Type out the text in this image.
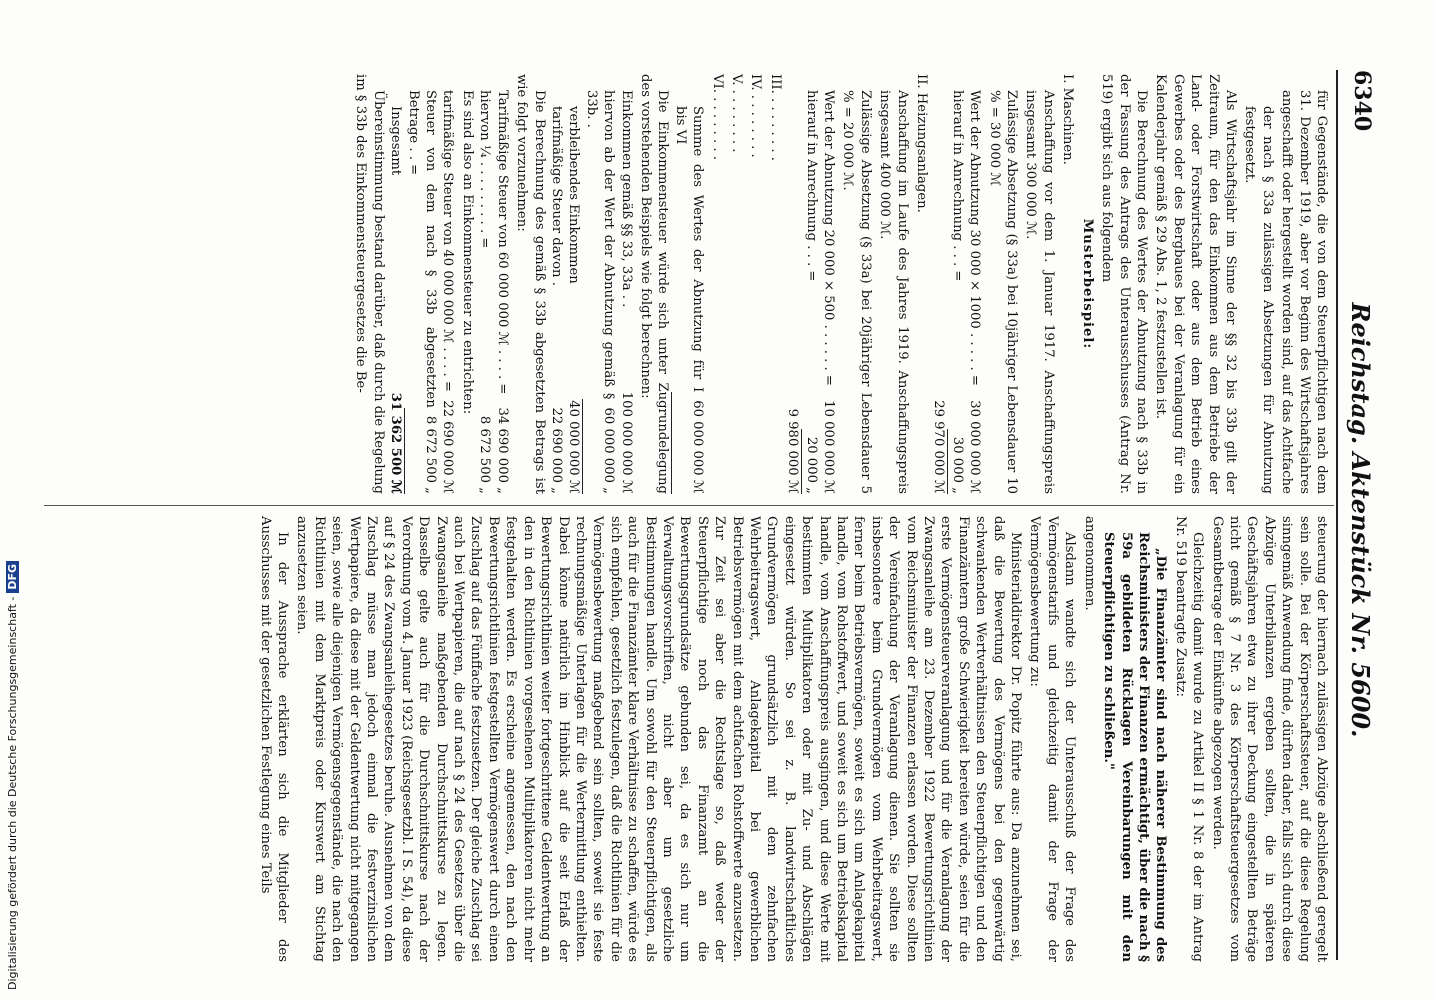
6340
Reichstag. Aktenstück Nr. 5600.

für Gegenstände, die von dem Steuerpflichtigen nach dem 31. Dezember 1919, aber vor Beginn des Wirtschaftsjahres angeschafft oder hergestellt worden sind, auf das Achtfache

der nach § 33a zulässigen Absetzungen für Abnutzung festgesetzt.

Als Wirtschaftsjahr im Sinne der §§ 32 bis 33b gilt der Zeitraum, für den das Einkommen aus dem Betriebe der Land- oder Forstwirtschaft oder aus dem Betrieb eines Gewerbes oder des Bergbaues bei der Veranlagung für ein Kalenderjahr gemäß § 29 Abs. 1, 2 festzustellen ist.

Die Berechnung des Wertes der Abnutzung nach § 33b in der Fassung des Antrags des Unterausschusses (Antrag Nr. 519) ergibt sich aus folgendem

Musterbeispiel:

I. Maschinen.

Anschaffung vor dem 1. Januar 1917. Anschaffungspreis insgesamt 300 000 ℳ.

Zulässige Absetzung (§ 33a) bei 10jähriger Lebensdauer 10 % = 30 000 ℳ

Wert der Abnutzung 30 000 × 1000 . . . . . =
30 000 000 ℳ
hierauf in Anrechnung . . . =
30 000 „
29 970 000 ℳ

II. Heizungsanlagen.

Anschaffung im Laufe des Jahres 1919. Anschaffungspreis insgesamt 400 000 ℳ.

Zulässige Absetzung (§ 33a) bei 20jähriger Lebensdauer 5 % = 20 000 ℳ.

Wert der Abnutzung 20 000 × 500 . . . . . . =
10 000 000 ℳ
hierauf in Anrechnung . . . =
20 000 „
9 980 000 ℳ

III. . . . . . . . .

IV. . . . . . . . .

V. . . . . . . . .

VI. . . . . . . . .

Summe des Wertes der Abnutzung für I bis VI
60 000 000 ℳ

Die Einkommensteuer würde sich unter Zugrundelegung des vorstehenden Beispiels wie folgt berechnen:

Einkommen gemäß §§ 33, 33a . .
100 000 000 ℳ
hiervon ab der Wert der Abnutzung gemäß § 33b. .
60 000 000 „
verbleibendes Einkommen
40 000 000 ℳ
tarifmäßige Steuer davon .
22 690 000 „

Die Berechnung des gemäß § 33b abgesetzten Betrags ist wie folgt vorzunehmen:

Tarifmäßige Steuer von 60 000 000 ℳ . . . . =
34 690 000 „
hiervon ¼ . . . . . . . . . =
8 672 500 „

Es sind also an Einkommensteuer zu entrichten:

tarifmäßige Steuer von 40 000 000 ℳ . . . . =
22 690 000 ℳ
Steuer von dem nach § 33b abgesetzten Betrage . . =
8 672 500 „
Insgesamt
31 362 500 ℳ

Übereinstimmung bestand darüber, daß durch die Regelung im § 33b des Einkommensteuergesetzes die Be-

steuerung der hiernach zulässigen Abzüge abschließend geregelt sein solle. Bei der Körperschaftssteuer, auf die diese Regelung sinngemäß Anwendung finde, dürften daher, falls sich durch diese Abzüge Unterbilanzen ergeben sollten, die in späteren Geschäftsjahren etwa zu ihrer Deckung eingestellten Beträge nicht gemäß § 7 Nr. 3 des Körperschaftsteuergesetzes vom Gesamtbetrage der Einkünfte abgezogen werden.

Gleichzeitig damit wurde zu Artikel II § 1 Nr. 8 der im Antrag Nr. 519 beantragte Zusatz:

„Die Finanzämter sind nach näherer Bestimmung des Reichsministers der Finanzen ermächtigt, über die nach § 59a gebildeten Rücklagen Vereinbarungen mit den Steuerpflichtigen zu schließen."

angenommen.

Alsdann wandte sich der Unterausschuß der Frage des Vermögenstarifs und gleichzeitig damit der Frage der Vermögensbewertung zu:

Ministerialdirektor Dr. Popitz führte aus: Da anzunehmen sei, daß die Bewertung des Vermögens bei den gegenwärtig schwankenden Wertverhältnissen den Steuerpflichtigen und den Finanzämtern große Schwierigkeit bereiten würde, seien für die erste Vermögensteuerveranlagung und für die Veranlagung der Zwangsanleihe am 23. Dezember 1922 Bewertungsrichtlinien vom Reichsminister der Finanzen erlassen worden. Diese sollten der Vereinfachung der Veranlagung dienen. Sie sollten sie insbesondere beim Grundvermögen vom Wehrbeitragswert, ferner beim Betriebsvermögen, soweit es sich um Anlagekapital handle, vom Rohstoffwert, und soweit es sich um Betriebskapital handle, vom Anschaffungspreis ausgingen, und diese Werte mit bestimmten Multiplikatoren oder mit Zu- und Abschlägen eingesetzt würden. So sei z. B. landwirtschaftliches Grundvermögen grundsätzlich mit dem zehnfachen Wehrbeitragswert, Anlagekapital bei gewerblichen Betriebsvermögen mit dem achtfachen Rohstoffwerte anzusetzen. Zur Zeit sei aber die Rechtslage so, daß weder der Steuerpflichtige noch das Finanzamt an die Bewertungsgrundsätze gebunden sei, da es sich nur um Verwaltungsvorschriften, nicht aber um gesetzliche Bestimmungen handle. Um sowohl für den Steuerpflichtigen, als auch für die Finanzämter klare Verhältnisse zu schaffen, würde es sich empfehlen, gesetzlich festzulegen, daß die Richtlinien für die Vermögensbewertung maßgebend sein sollten, soweit sie feste rechnungsmäßige Unterlagen für die Wertermittlung enthielten. Dabei könne natürlich im Hinblick auf die seit Erlaß der Bewertungsrichtlinien weiter fortgeschrittene Geldentwertung an den in den Richtlinien vorgesehenen Multiplikatoren nicht mehr festgehalten werden. Es erscheine angemessen, den nach den Bewertungsrichtlinien festgestellten Vermögenswert durch einen Zuschlag auf das Fünffache festzusetzen. Der gleiche Zuschlag sei auch bei Wertpapieren, die auf nach § 24 des Gesetzes über die Zwangsanleihe maßgebenden Durchschnittskurse zu legen. Dasselbe gelte auch für die Durchschnittskurse nach der Verordnung vom 4. Januar 1923 (Reichsgesetzbl. I S. 54), da diese auf § 24 des Zwangsanleihegesetzes beruhe. Ausnehmen von dem Zuschlag müsse man jedoch einmal die festverzinslichen Wertpapiere, da diese mit der Geldentwertung nicht mitgegangen seien, sowie alle diejenigen Vermögensgegenstände, die nach den Richtlinien mit dem Marktpreis oder Kurswert am Stichtag anzusetzen seien.

In der Aussprache erklärten sich die Mitglieder des Ausschusses mit der gesetzlichen Festlegung eines Teils

Digitalisierung gefördert durch die Deutsche Forschungsgemeinschaft -DFG
